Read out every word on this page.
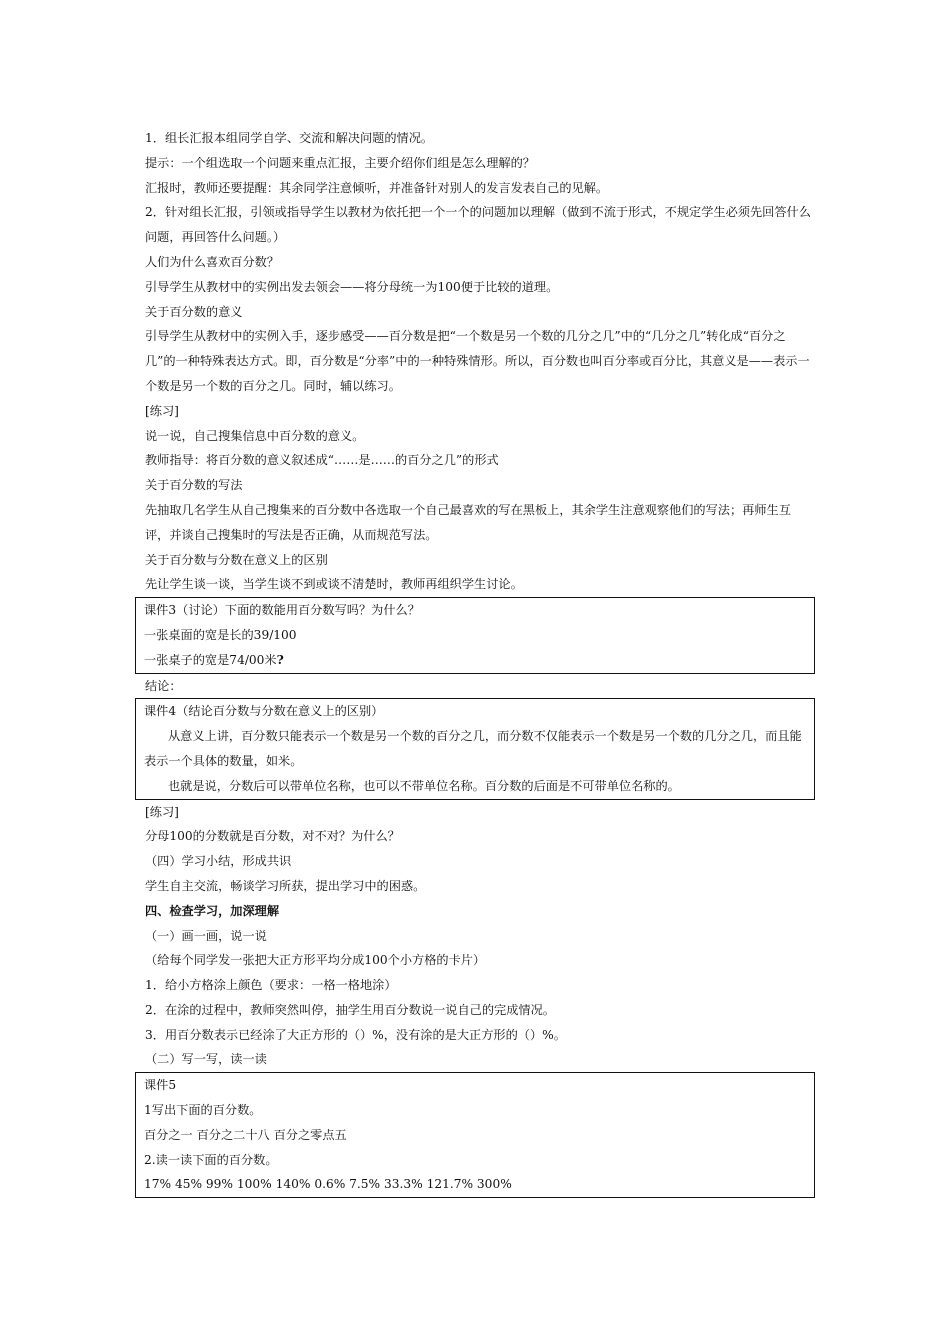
1．组长汇报本组同学自学、交流和解决问题的情况。
提示：一个组选取一个问题来重点汇报，主要介绍你们组是怎么理解的？
汇报时，教师还要提醒：其余同学注意倾听，并准备针对别人的发言发表自己的见解。
2．针对组长汇报，引领或指导学生以教材为依托把一个一个的问题加以理解（做到不流于形式，不规定学生必须先回答什么问题，再回答什么问题。）
人们为什么喜欢百分数？
引导学生从教材中的实例出发去领会——将分母统一为100便于比较的道理。
关于百分数的意义
引导学生从教材中的实例入手，逐步感受——百分数是把“一个数是另一个数的几分之几”中的“几分之几”转化成“百分之几”的一种特殊表达方式。即，百分数是“分率”中的一种特殊情形。所以，百分数也叫百分率或百分比，其意义是——表示一个数是另一个数的百分之几。同时，辅以练习。
[练习]
说一说，自己搜集信息中百分数的意义。
教师指导：将百分数的意义叙述成“……是……的百分之几”的形式
关于百分数的写法
先抽取几名学生从自己搜集来的百分数中各选取一个自己最喜欢的写在黑板上，其余学生注意观察他们的写法；再师生互评，并谈自己搜集时的写法是否正确，从而规范写法。
关于百分数与分数在意义上的区别
先让学生谈一谈，当学生谈不到或谈不清楚时，教师再组织学生讨论。
课件3（讨论）下面的数能用百分数写吗？为什么？
一张桌面的宽是长的39/100
一张桌子的宽是74/00米?
结论：
课件4（结论百分数与分数在意义上的区别）
从意义上讲，百分数只能表示一个数是另一个数的百分之几，而分数不仅能表示一个数是另一个数的几分之几，而且能表示一个具体的数量，如米。
也就是说，分数后可以带单位名称，也可以不带单位名称。百分数的后面是不可带单位名称的。
[练习]
分母100的分数就是百分数，对不对？为什么？
（四）学习小结，形成共识
学生自主交流，畅谈学习所获，提出学习中的困惑。
四、检查学习，加深理解
（一）画一画，说一说
（给每个同学发一张把大正方形平均分成100个小方格的卡片）
1．给小方格涂上颜色（要求：一格一格地涂）
2．在涂的过程中，教师突然叫停，抽学生用百分数说一说自己的完成情况。
3．用百分数表示已经涂了大正方形的（）%，没有涂的是大正方形的（）%。
（二）写一写，读一读
课件5
1写出下面的百分数。
百分之一 百分之二十八 百分之零点五
2.读一读下面的百分数。
17% 45% 99% 100% 140% 0.6% 7.5% 33.3% 121.7% 300%
